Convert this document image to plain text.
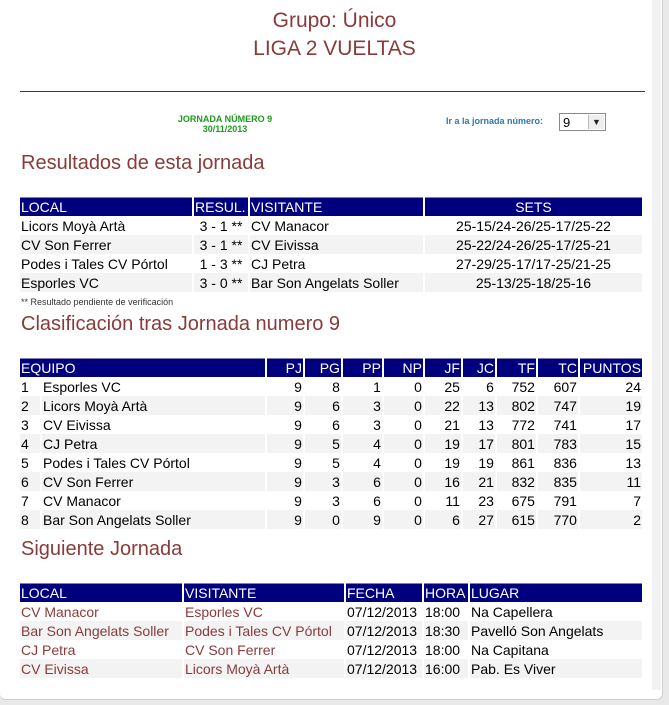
Grupo: Único
LIGA 2 VUELTAS
JORNADA NÚMERO 9
30/11/2013
Ir a la jornada número: 9	▼
Resultados de esta jornada
LOCAL	RESUL.	VISITANTE	SETS
Licors Moyà Artà	3 - 1 **	CV Manacor	25-15/24-26/25-17/25-22
CV Son Ferrer	3 - 1 **	CV Eivissa	25-22/24-26/25-17/25-21
Podes i Tales CV Pórtol	1 - 3 **	CJ Petra	27-29/25-17/17-25/21-25
Esporles VC	3 - 0 **	Bar Son Angelats Soller	25-13/25-18/25-16
** Resultado pendiente de verificación
Clasificación tras Jornada numero 9
EQUIPO		PJ	PG	PP	NP	JF	JC	TF	TC	PUNTOS
1	Esporles VC	9	8	1	0	25	6	752	607	24
2	Licors Moyà Artà	9	6	3	0	22	13	802	747	19
3	CV Eivissa	9	6	3	0	21	13	772	741	17
4	CJ Petra	9	5	4	0	19	17	801	783	15
5	Podes i Tales CV Pórtol	9	5	4	0	19	19	861	836	13
6	CV Son Ferrer	9	3	6	0	16	21	832	835	11
7	CV Manacor	9	3	6	0	11	23	675	791	7
8	Bar Son Angelats Soller	9	0	9	0	6	27	615	770	2
Siguiente Jornada
LOCAL	VISITANTE	FECHA	HORA	LUGAR
CV Manacor	Esporles VC	07/12/2013	18:00	Na Capellera
Bar Son Angelats Soller	Podes i Tales CV Pórtol	07/12/2013	18:30	Pavelló Son Angelats
CJ Petra	CV Son Ferrer	07/12/2013	18:00	Na Capitana
CV Eivissa	Licors Moyà Artà	07/12/2013	16:00	Pab. Es Viver
